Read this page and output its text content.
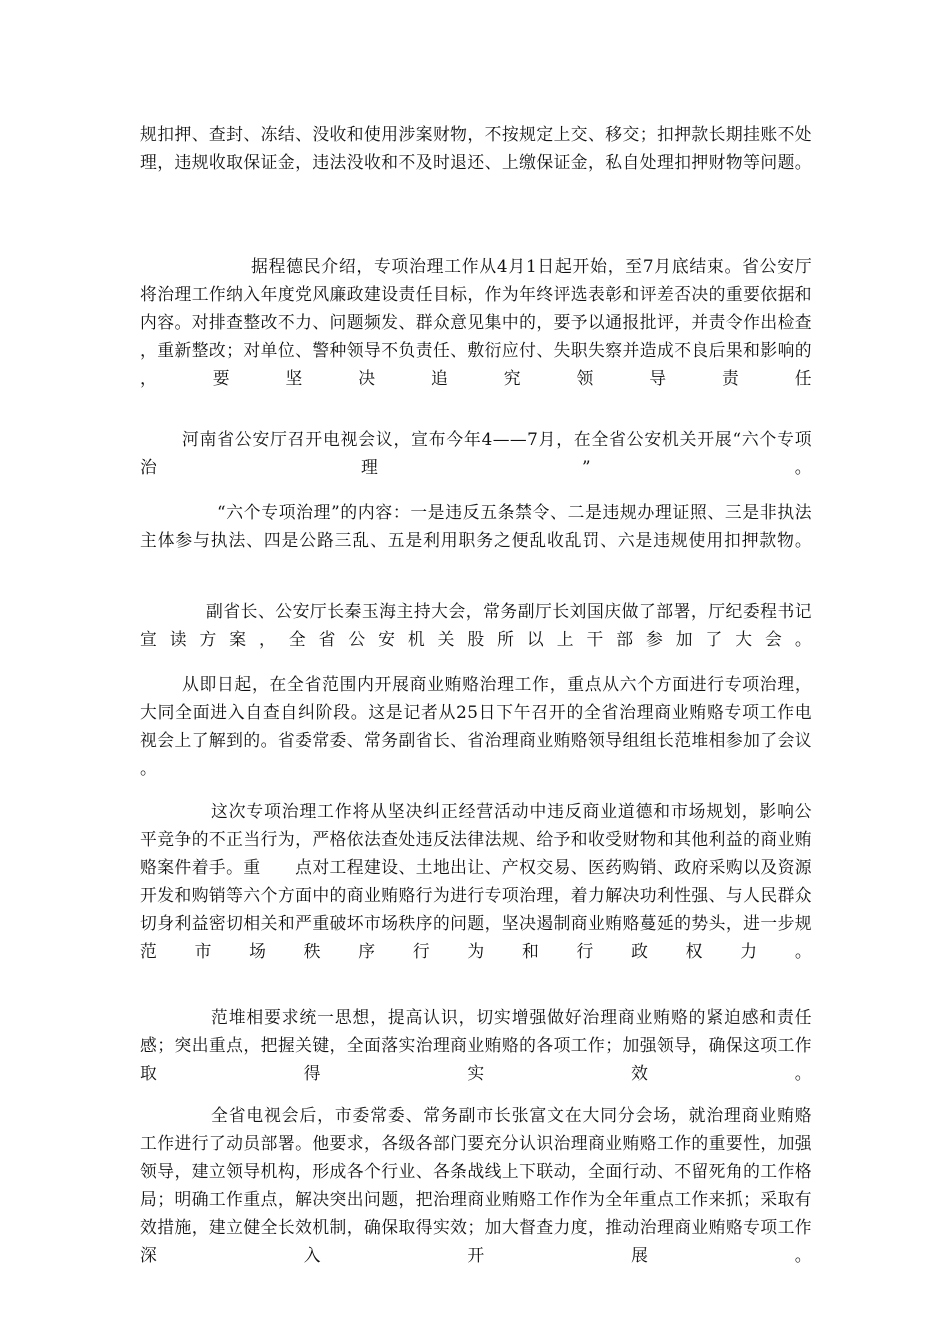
规扣押、查封、冻结、没收和使用涉案财物，不按规定上交、移交；扣押款长期挂账不处理，违规收取保证金，违法没收和不及时退还、上缴保证金，私自处理扣押财物等问题。

据程德民介绍，专项治理工作从4月1日起开始，至7月底结束。省公安厅将治理工作纳入年度党风廉政建设责任目标，作为年终评选表彰和评差否决的重要依据和内容。对排查整改不力、问题频发、群众意见集中的，要予以通报批评，并责令作出检查，重新整改；对单位、警种领导不负责任、敷衍应付、失职失察并造成不良后果和影响的，要坚决追究领导责任

河南省公安厅召开电视会议，宣布今年4——7月，在全省公安机关开展“六个专项治理”。

“六个专项治理”的内容：一是违反五条禁令、二是违规办理证照、三是非执法主体参与执法、四是公路三乱、五是利用职务之便乱收乱罚、六是违规使用扣押款物。

副省长、公安厅长秦玉海主持大会，常务副厅长刘国庆做了部署，厅纪委程书记宣读方案，全省公安机关股所以上干部参加了大会。

从即日起，在全省范围内开展商业贿赂治理工作，重点从六个方面进行专项治理，大同全面进入自查自纠阶段。这是记者从25日下午召开的全省治理商业贿赂专项工作电视会上了解到的。省委常委、常务副省长、省治理商业贿赂领导组组长范堆相参加了会议。

这次专项治理工作将从坚决纠正经营活动中违反商业道德和市场规划，影响公平竞争的不正当行为，严格依法查处违反法律法规、给予和收受财物和其他利益的商业贿赂案件着手。重　　点对工程建设、土地出让、产权交易、医药购销、政府采购以及资源开发和购销等六个方面中的商业贿赂行为进行专项治理，着力解决功利性强、与人民群众切身利益密切相关和严重破坏市场秩序的问题，坚决遏制商业贿赂蔓延的势头，进一步规范市场秩序行为和行政权力。

范堆相要求统一思想，提高认识，切实增强做好治理商业贿赂的紧迫感和责任感；突出重点，把握关键，全面落实治理商业贿赂的各项工作；加强领导，确保这项工作取得实效。

全省电视会后，市委常委、常务副市长张富文在大同分会场，就治理商业贿赂工作进行了动员部署。他要求，各级各部门要充分认识治理商业贿赂工作的重要性，加强领导，建立领导机构，形成各个行业、各条战线上下联动，全面行动、不留死角的工作格局；明确工作重点，解决突出问题，把治理商业贿赂工作作为全年重点工作来抓；采取有效措施，建立健全长效机制，确保取得实效；加大督查力度，推动治理商业贿赂专项工作深入开展。
